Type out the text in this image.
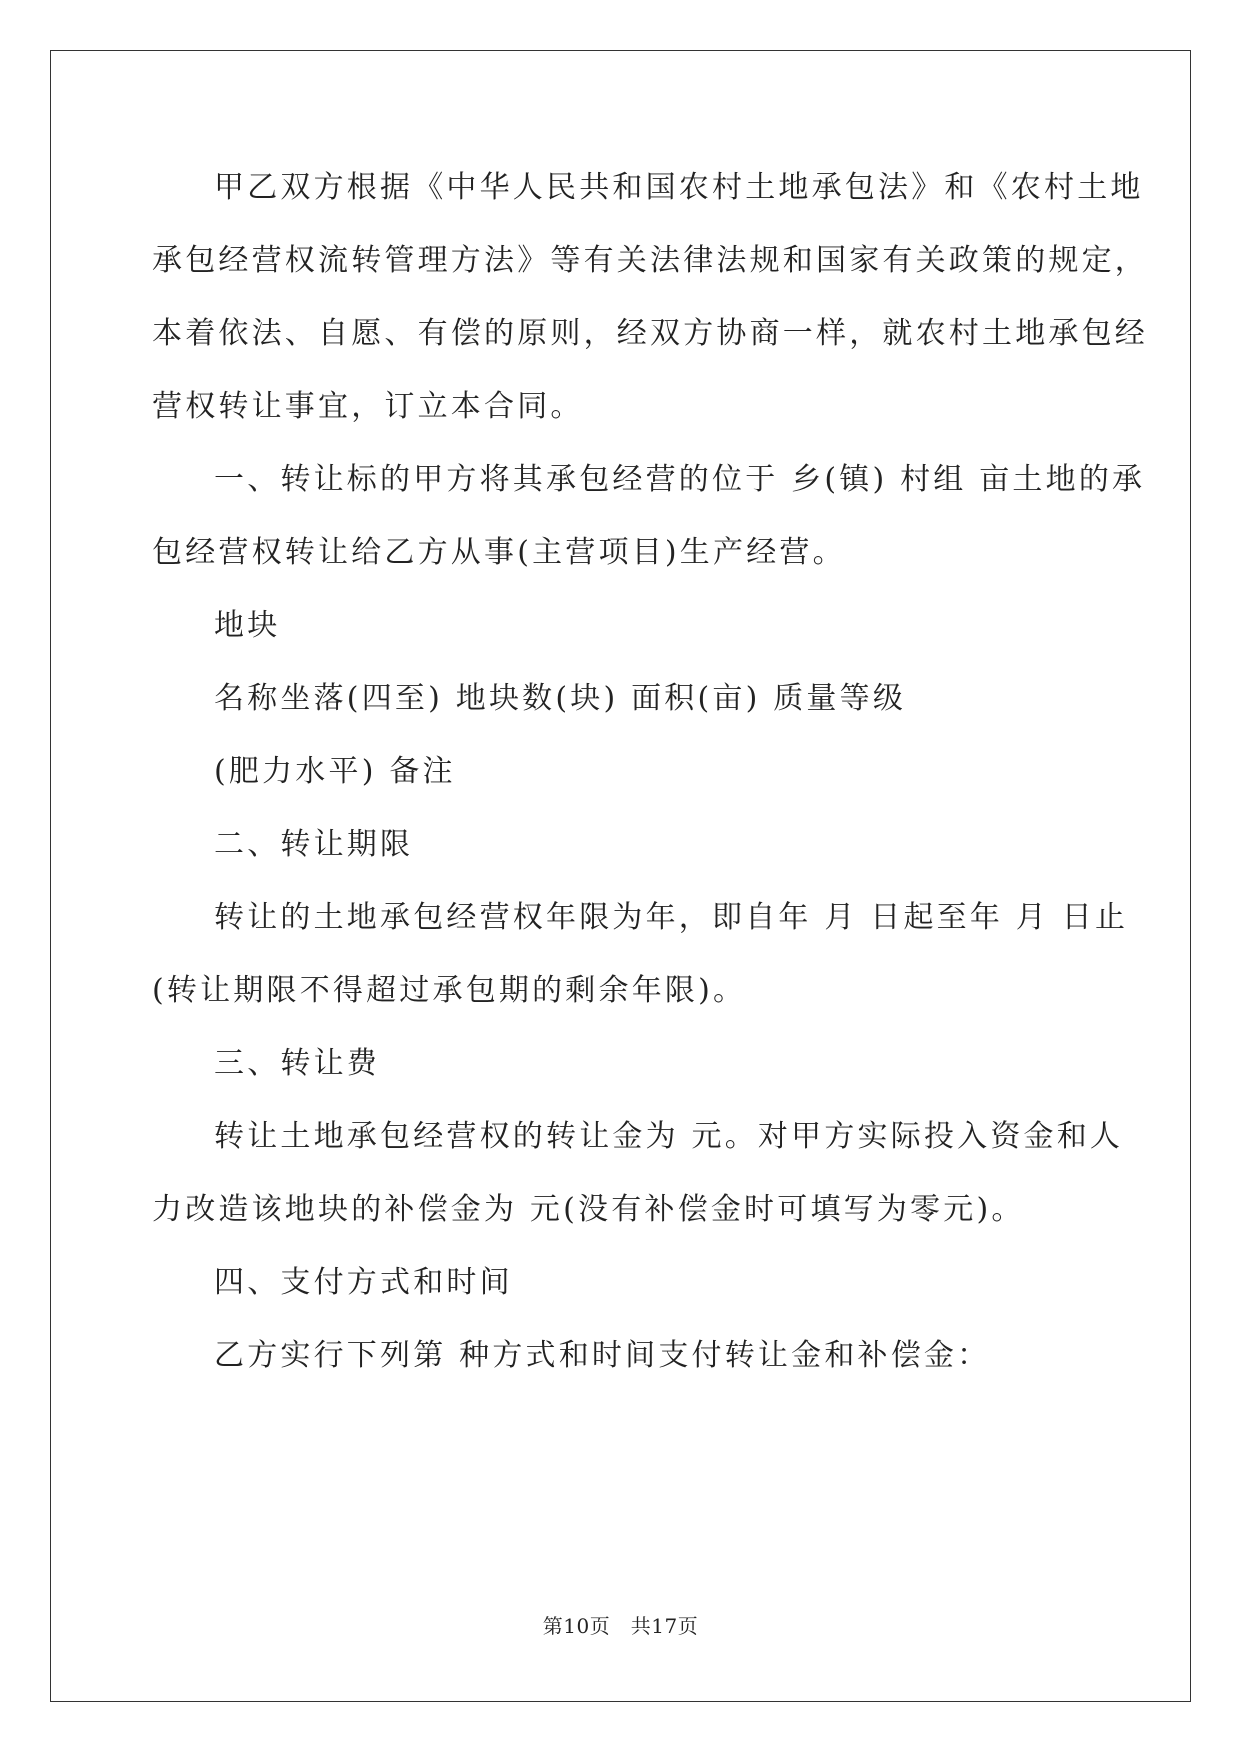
甲乙双方根据《中华人民共和国农村土地承包法》和《农村土地
承包经营权流转管理方法》等有关法律法规和国家有关政策的规定，
本着依法、自愿、有偿的原则，经双方协商一样，就农村土地承包经
营权转让事宜，订立本合同。
一、转让标的甲方将其承包经营的位于 乡(镇) 村组 亩土地的承
包经营权转让给乙方从事(主营项目)生产经营。
地块
名称坐落(四至) 地块数(块) 面积(亩) 质量等级
(肥力水平) 备注
二、转让期限
转让的土地承包经营权年限为年，即自年 月 日起至年 月 日止
(转让期限不得超过承包期的剩余年限)。
三、转让费
转让土地承包经营权的转让金为 元。对甲方实际投入资金和人
力改造该地块的补偿金为 元(没有补偿金时可填写为零元)。
四、支付方式和时间
乙方实行下列第 种方式和时间支付转让金和补偿金：
第10页　共17页
